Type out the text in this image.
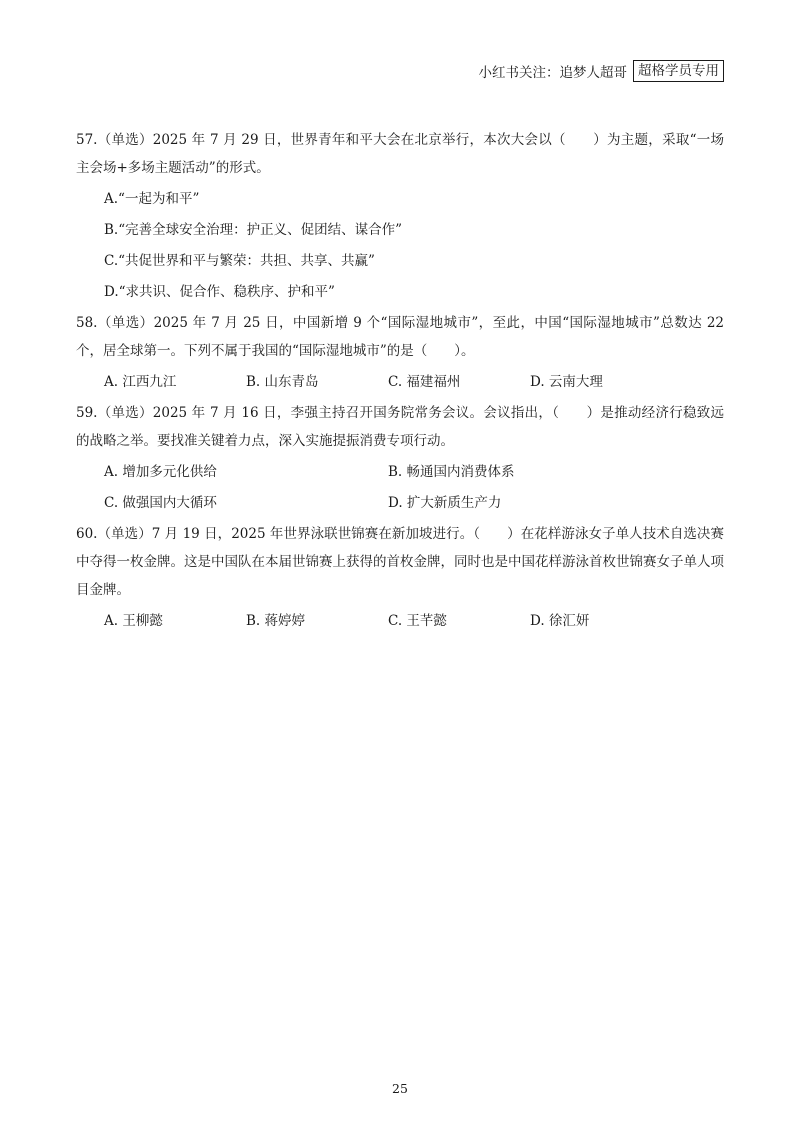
小红书关注：追梦人超哥 超格学员专用

57.（单选）2025 年 7 月 29 日，世界青年和平大会在北京举行，本次大会以（　　）为主题，采取“一场主会场+多场主题活动”的形式。

A.“一起为和平”
B.“完善全球安全治理：护正义、促团结、谋合作”
C.“共促世界和平与繁荣：共担、共享、共赢”
D.“求共识、促合作、稳秩序、护和平”

58.（单选）2025 年 7 月 25 日，中国新增 9 个“国际湿地城市”，至此，中国“国际湿地城市”总数达 22 个，居全球第一。下列不属于我国的“国际湿地城市”的是（　　）。

A. 江西九江	B. 山东青岛	C. 福建福州	D. 云南大理

59.（单选）2025 年 7 月 16 日，李强主持召开国务院常务会议。会议指出，（　　）是推动经济行稳致远的战略之举。要找准关键着力点，深入实施提振消费专项行动。

A. 增加多元化供给	B. 畅通国内消费体系
C. 做强国内大循环	D. 扩大新质生产力

60.（单选）7 月 19 日，2025 年世界泳联世锦赛在新加坡进行。（　　）在花样游泳女子单人技术自选决赛中夺得一枚金牌。这是中国队在本届世锦赛上获得的首枚金牌，同时也是中国花样游泳首枚世锦赛女子单人项目金牌。

A. 王柳懿	B. 蒋婷婷	C. 王芊懿	D. 徐汇妍
25
